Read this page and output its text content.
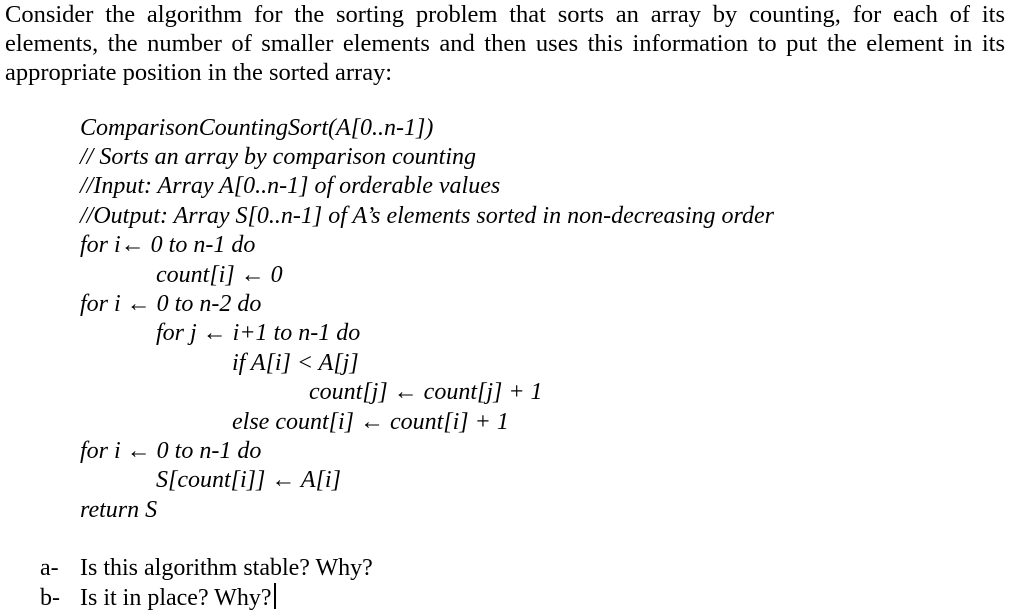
Consider the algorithm for the sorting problem that sorts an array by counting, for each of its
elements, the number of smaller elements and then uses this information to put the element in its
appropriate position in the sorted array:
ComparisonCountingSort(A[0..n-1])
// Sorts an array by comparison counting
//Input: Array A[0..n-1] of orderable values
//Output: Array S[0..n-1] of A’s elements sorted in non-decreasing order
for i← 0 to n-1 do
count[i] ← 0
for i ← 0 to n-2 do
for j ← i+1 to n-1 do
if A[i] < A[j]
count[j] ← count[j] + 1
else count[i] ← count[i] + 1
for i ← 0 to n-1 do
S[count[i]] ← A[i]
return S
a- Is this algorithm stable? Why?
b- Is it in place? Why?
